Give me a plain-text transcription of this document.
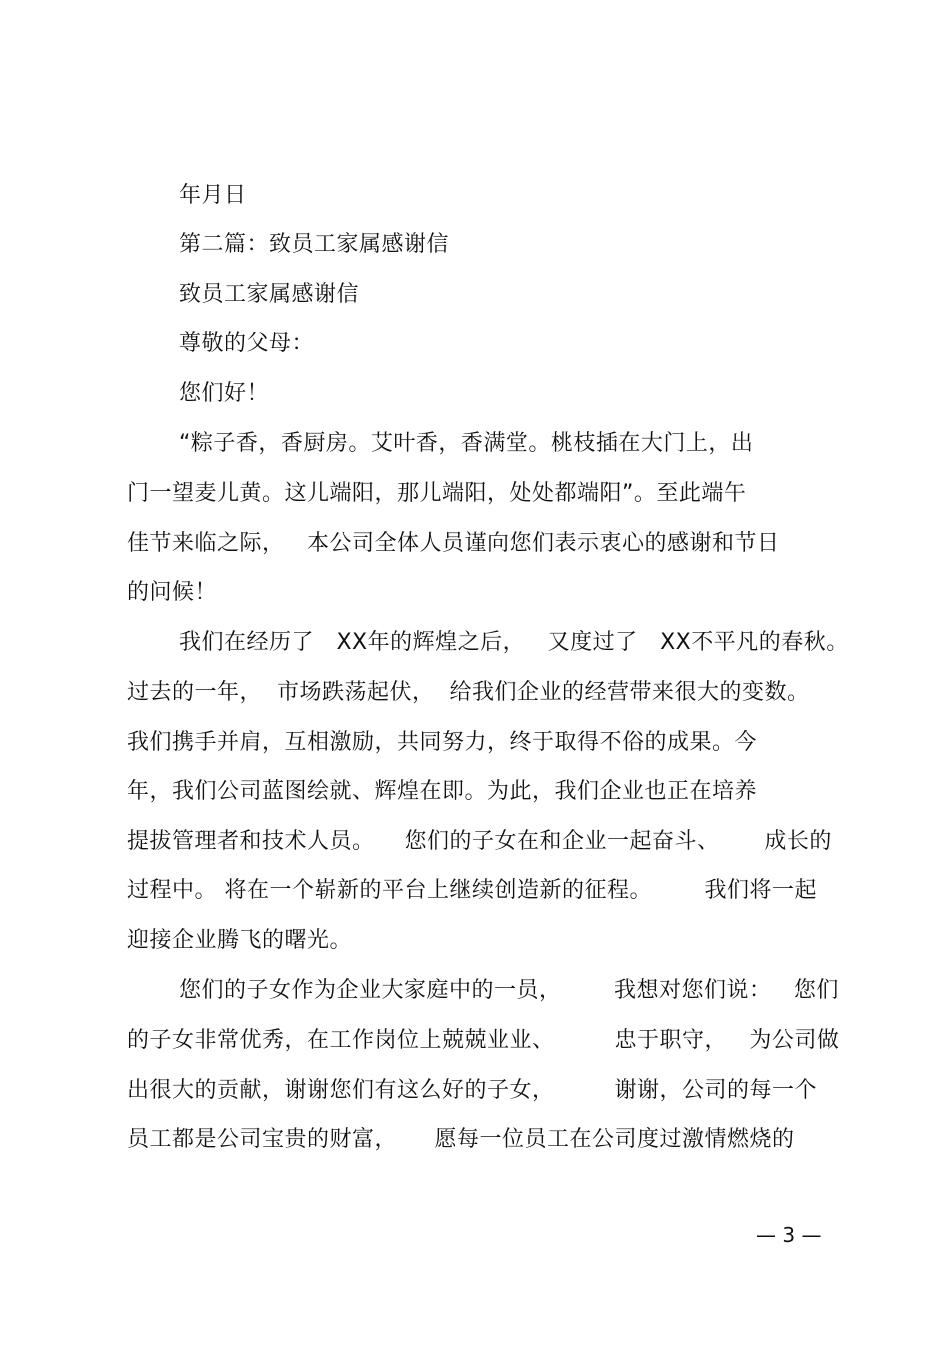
年月日
第二篇：致员工家属感谢信
致员工家属感谢信
尊敬的父母：
您们好！
“粽子香，香厨房。艾叶香，香满堂。桃枝插在大门上，出
门一望麦儿黄。这儿端阳，那儿端阳，处处都端阳”。至此端午
佳节来临之际，   本公司全体人员谨向您们表示衷心的感谢和节日
的问候！
我们在经历了   XX年的辉煌之后，   又度过了   XX不平凡的春秋。
过去的一年，  市场跌荡起伏，  给我们企业的经营带来很大的变数。
我们携手并肩，互相激励，共同努力，终于取得不俗的成果。今
年，我们公司蓝图绘就、辉煌在即。为此，我们企业也正在培养
提拔管理者和技术人员。    您们的子女在和企业一起奋斗、      成长的
过程中。 将在一个崭新的平台上继续创造新的征程。       我们将一起
迎接企业腾飞的曙光。
您们的子女作为企业大家庭中的一员，       我想对您们说：   您们
的子女非常优秀，在工作岗位上兢兢业业、        忠于职守，   为公司做
出很大的贡献，谢谢您们有这么好的子女，        谢谢，公司的每一个
员工都是公司宝贵的财富，     愿每一位员工在公司度过激情燃烧的
— 3 —
